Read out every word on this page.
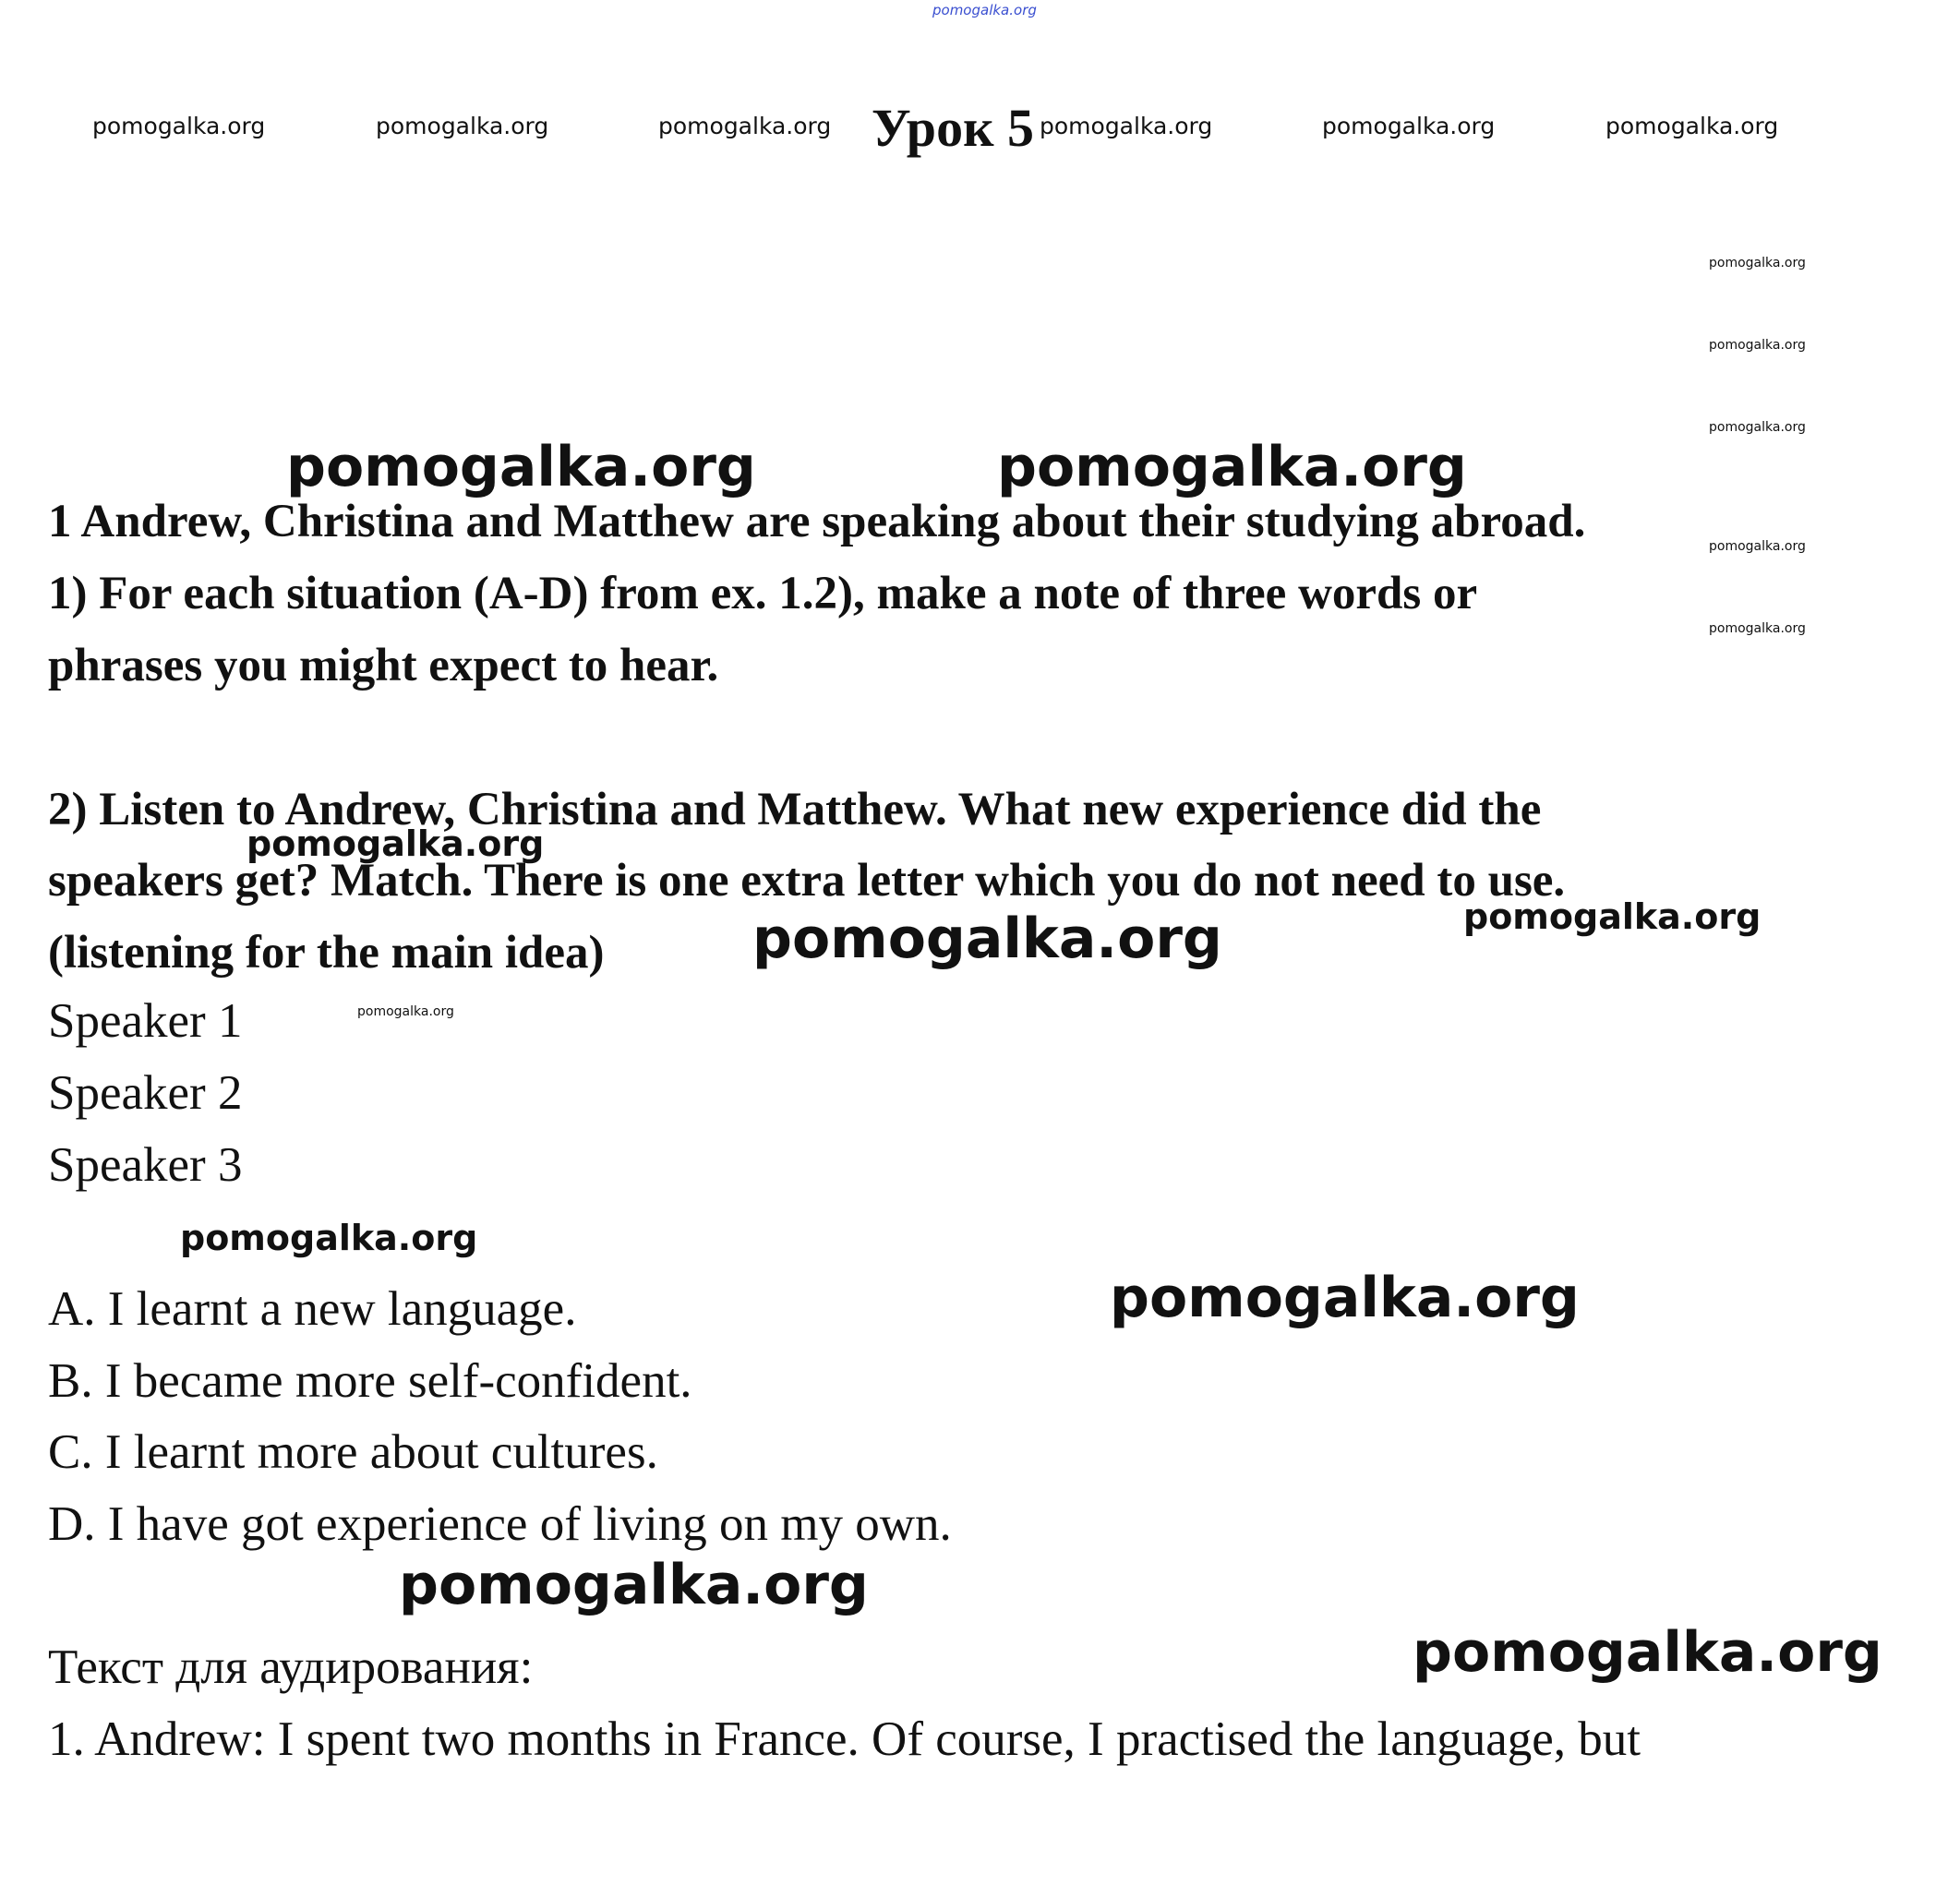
pomogalka.org
pomogalka.org	pomogalka.org	pomogalka.org	pomogalka.org	pomogalka.org	pomogalka.org
pomogalka.org
pomogalka.org
pomogalka.org
pomogalka.org
pomogalka.org
pomogalka.org
pomogalka.org	pomogalka.org
pomogalka.org
pomogalka.org	pomogalka.org
pomogalka.org
pomogalka.org
pomogalka.org
pomogalka.org
Урок 5
1 Andrew, Christina and Matthew are speaking about their studying abroad.
1) For each situation (A-D) from ex. 1.2), make a note of three words or
phrases you might expect to hear.
2) Listen to Andrew, Christina and Matthew. What new experience did the
speakers get? Match. There is one extra letter which you do not need to use.
(listening for the main idea)
Speaker 1
Speaker 2
Speaker 3
A. I learnt a new language.
B. I became more self-confident.
C. I learnt more about cultures.
D. I have got experience of living on my own.
Текст для аудирования:
1. Andrew: I spent two months in France. Of course, I practised the language, but
